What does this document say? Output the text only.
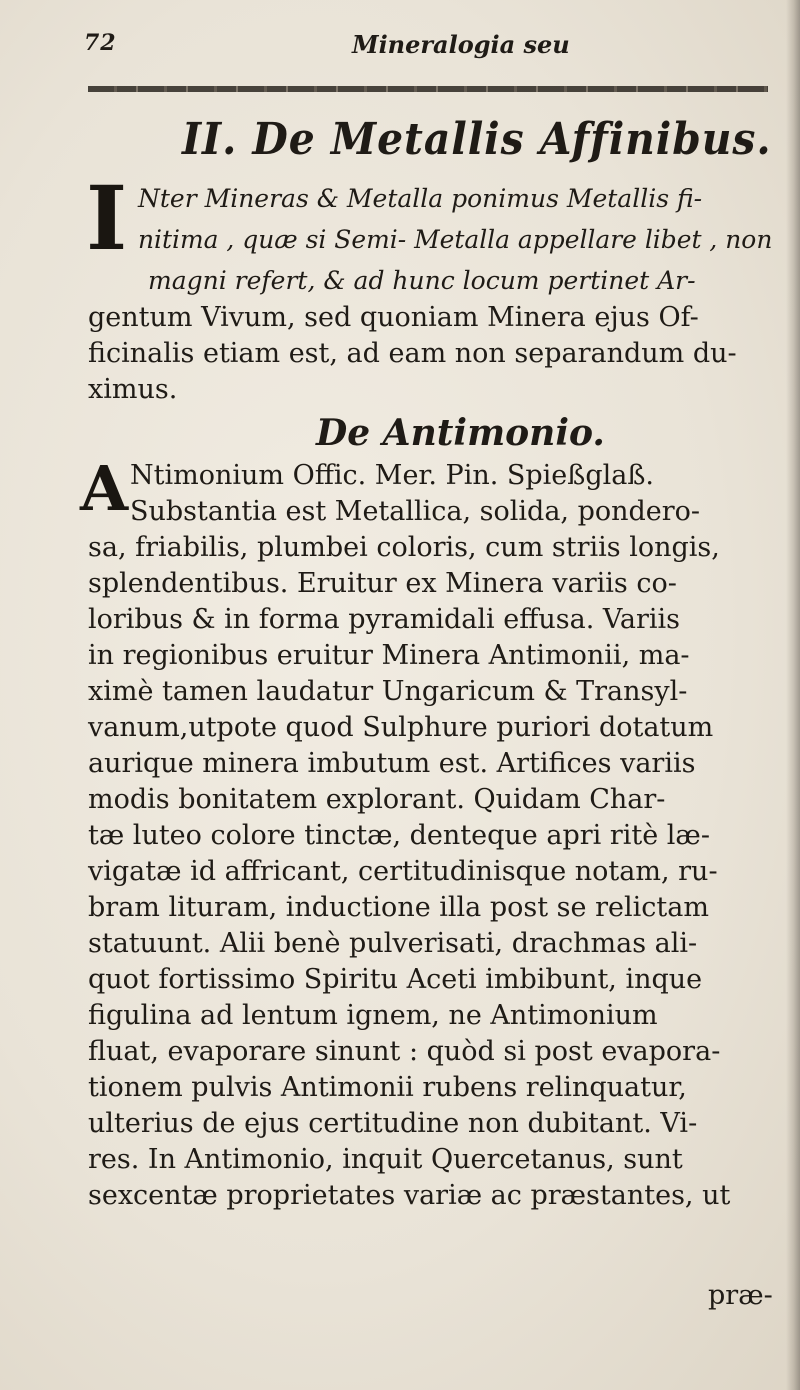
72	Mineralogia seu
II. De Metallis Affinibus.
I Nter Mineras & Metalla ponimus Metallis fi-
nitima , quæ si Semi- Metalla appellare libet , non
magni refert, & ad hunc locum pertinet Ar-
gentum Vivum, sed quoniam Minera ejus Of-
ficinalis etiam est, ad eam non separandum du-
ximus.
De Antimonio.
A Ntimonium Offic. Mer. Pin. Spießglaß.
Substantia est Metallica, solida, pondero-
sa, friabilis, plumbei coloris, cum striis longis,
splendentibus. Eruitur ex Minera variis co-
loribus & in forma pyramidali effusa. Variis
in regionibus eruitur Minera Antimonii, ma-
ximè tamen laudatur Ungaricum & Transyl-
vanum,utpote quod Sulphure puriori dotatum
aurique minera imbutum est. Artifices variis
modis bonitatem explorant. Quidam Char-
tæ luteo colore tinctæ, denteque apri ritè læ-
vigatæ id affricant, certitudinisque notam, ru-
bram lituram, inductione illa post se relictam
statuunt. Alii benè pulverisati, drachmas ali-
quot fortissimo Spiritu Aceti imbibunt, inque
figulina ad lentum ignem, ne Antimonium
fluat, evaporare sinunt : quòd si post evapora-
tionem pulvis Antimonii rubens relinquatur,
ulterius de ejus certitudine non dubitant. Vi-
res. In Antimonio, inquit Quercetanus, sunt
sexcentæ proprietates variæ ac præstantes, ut
præ-
